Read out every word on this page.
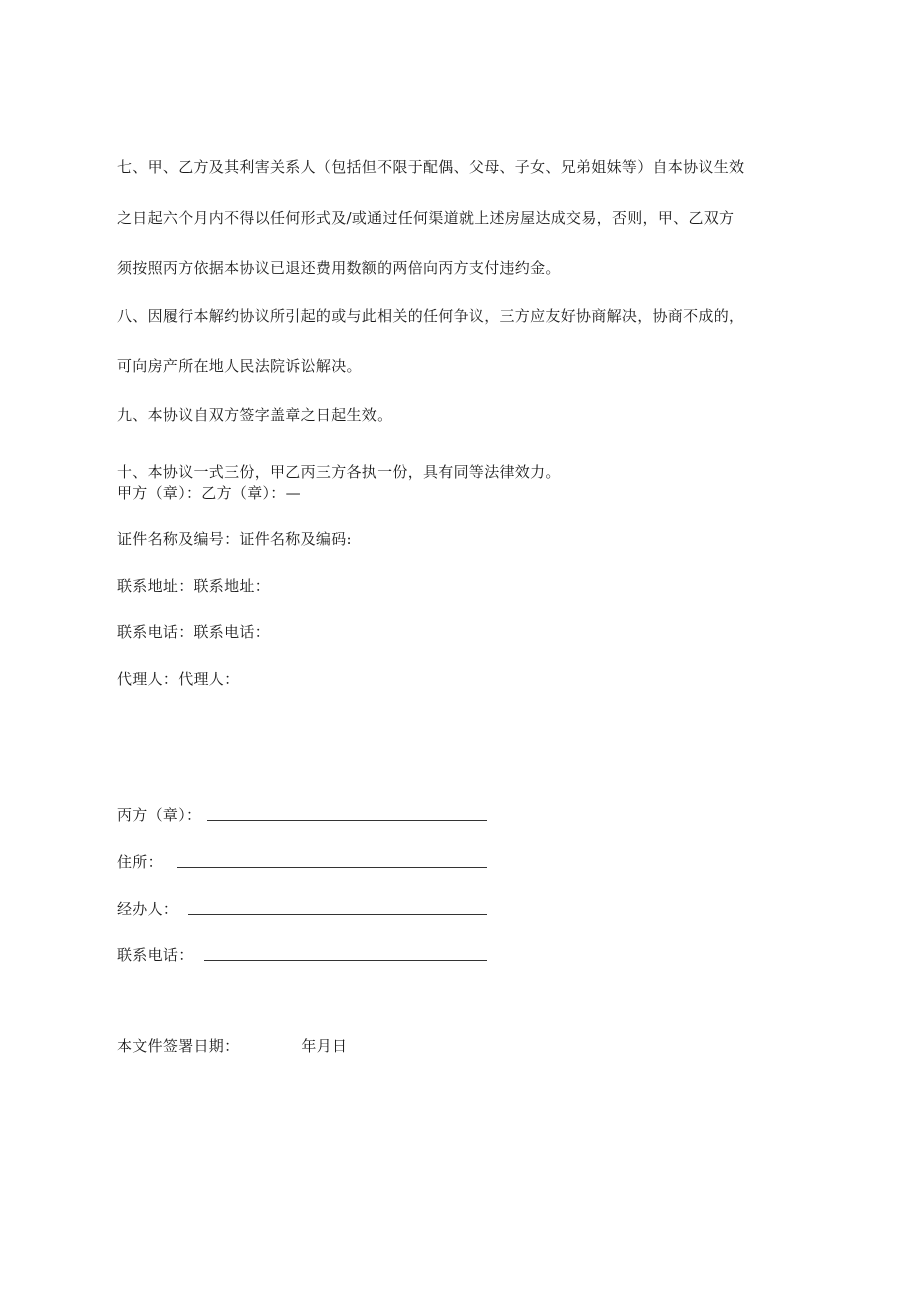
七、甲、乙方及其利害关系人（包括但不限于配偶、父母、子女、兄弟姐妹等）自本协议生效
之日起六个月内不得以任何形式及/或通过任何渠道就上述房屋达成交易，否则，甲、乙双方
须按照丙方依据本协议已退还费用数额的两倍向丙方支付违约金。
八、因履行本解约协议所引起的或与此相关的任何争议，三方应友好协商解决，协商不成的，
可向房产所在地人民法院诉讼解决。
九、本协议自双方签字盖章之日起生效。
十、本协议一式三份，甲乙丙三方各执一份，具有同等法律效力。
甲方（章）：乙方（章）：—
证件名称及编号：证件名称及编码:
联系地址：联系地址：
联系电话：联系电话：
代理人：代理人：
丙方（章）：
住所：
经办人：
联系电话：
本文件签署日期：	年月日
